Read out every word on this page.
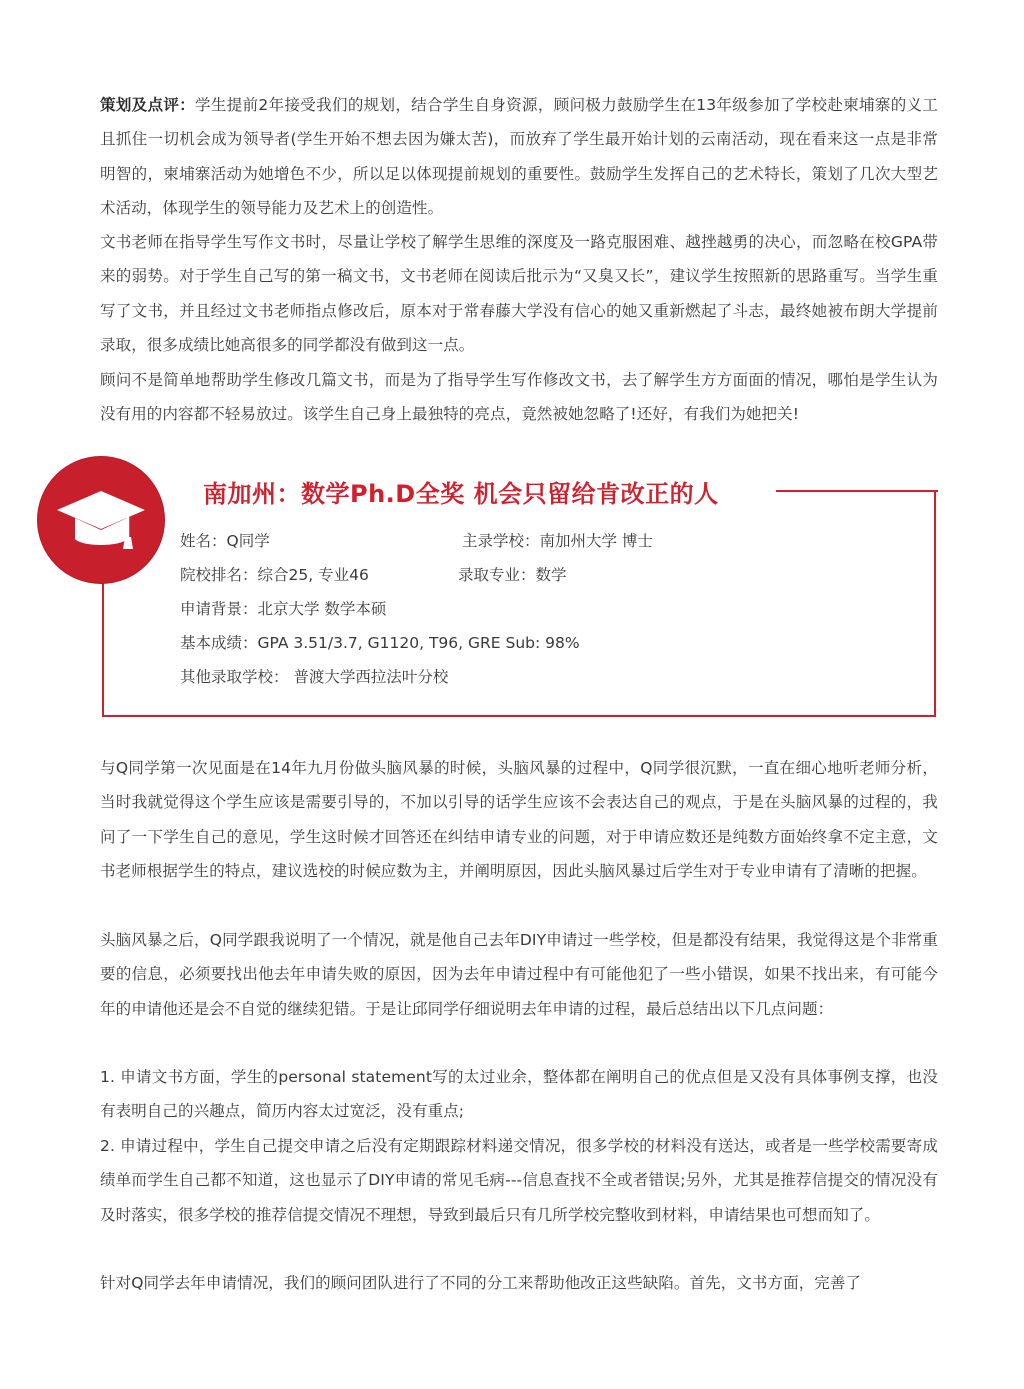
策划及点评：学生提前2年接受我们的规划，结合学生自身资源，顾问极力鼓励学生在13年级参加了学校赴柬埔寨的义工且抓住一切机会成为领导者(学生开始不想去因为嫌太苦)，而放弃了学生最开始计划的云南活动，现在看来这一点是非常明智的，柬埔寨活动为她增色不少，所以足以体现提前规划的重要性。鼓励学生发挥自己的艺术特长，策划了几次大型艺术活动，体现学生的领导能力及艺术上的创造性。

文书老师在指导学生写作文书时，尽量让学校了解学生思维的深度及一路克服困难、越挫越勇的决心，而忽略在校GPA带来的弱势。对于学生自己写的第一稿文书，文书老师在阅读后批示为“又臭又长”，建议学生按照新的思路重写。当学生重写了文书，并且经过文书老师指点修改后，原本对于常春藤大学没有信心的她又重新燃起了斗志，最终她被布朗大学提前录取，很多成绩比她高很多的同学都没有做到这一点。

顾问不是简单地帮助学生修改几篇文书，而是为了指导学生写作修改文书，去了解学生方方面面的情况，哪怕是学生认为没有用的内容都不轻易放过。该学生自己身上最独特的亮点，竟然被她忽略了!还好，有我们为她把关!

南加州：数学Ph.D全奖 机会只留给肯改正的人
姓名：Q同学	主录学校：南加州大学 博士
院校排名：综合25, 专业46	录取专业：数学
申请背景：北京大学 数学本硕
基本成绩：GPA 3.51/3.7, G1120, T96, GRE Sub: 98%
其他录取学校： 普渡大学西拉法叶分校

与Q同学第一次见面是在14年九月份做头脑风暴的时候，头脑风暴的过程中，Q同学很沉默，一直在细心地听老师分析，当时我就觉得这个学生应该是需要引导的，不加以引导的话学生应该不会表达自己的观点，于是在头脑风暴的过程的，我问了一下学生自己的意见，学生这时候才回答还在纠结申请专业的问题，对于申请应数还是纯数方面始终拿不定主意，文书老师根据学生的特点，建议选校的时候应数为主，并阐明原因，因此头脑风暴过后学生对于专业申请有了清晰的把握。

头脑风暴之后，Q同学跟我说明了一个情况，就是他自己去年DIY申请过一些学校，但是都没有结果，我觉得这是个非常重要的信息，必须要找出他去年申请失败的原因，因为去年申请过程中有可能他犯了一些小错误，如果不找出来，有可能今年的申请他还是会不自觉的继续犯错。于是让邱同学仔细说明去年申请的过程，最后总结出以下几点问题：

1. 申请文书方面，学生的personal statement写的太过业余，整体都在阐明自己的优点但是又没有具体事例支撑，也没有表明自己的兴趣点，简历内容太过宽泛，没有重点;

2. 申请过程中，学生自己提交申请之后没有定期跟踪材料递交情况，很多学校的材料没有送达，或者是一些学校需要寄成绩单而学生自己都不知道，这也显示了DIY申请的常见毛病---信息查找不全或者错误;另外，尤其是推荐信提交的情况没有及时落实，很多学校的推荐信提交情况不理想，导致到最后只有几所学校完整收到材料，申请结果也可想而知了。

针对Q同学去年申请情况，我们的顾问团队进行了不同的分工来帮助他改正这些缺陷。首先，文书方面，完善了
